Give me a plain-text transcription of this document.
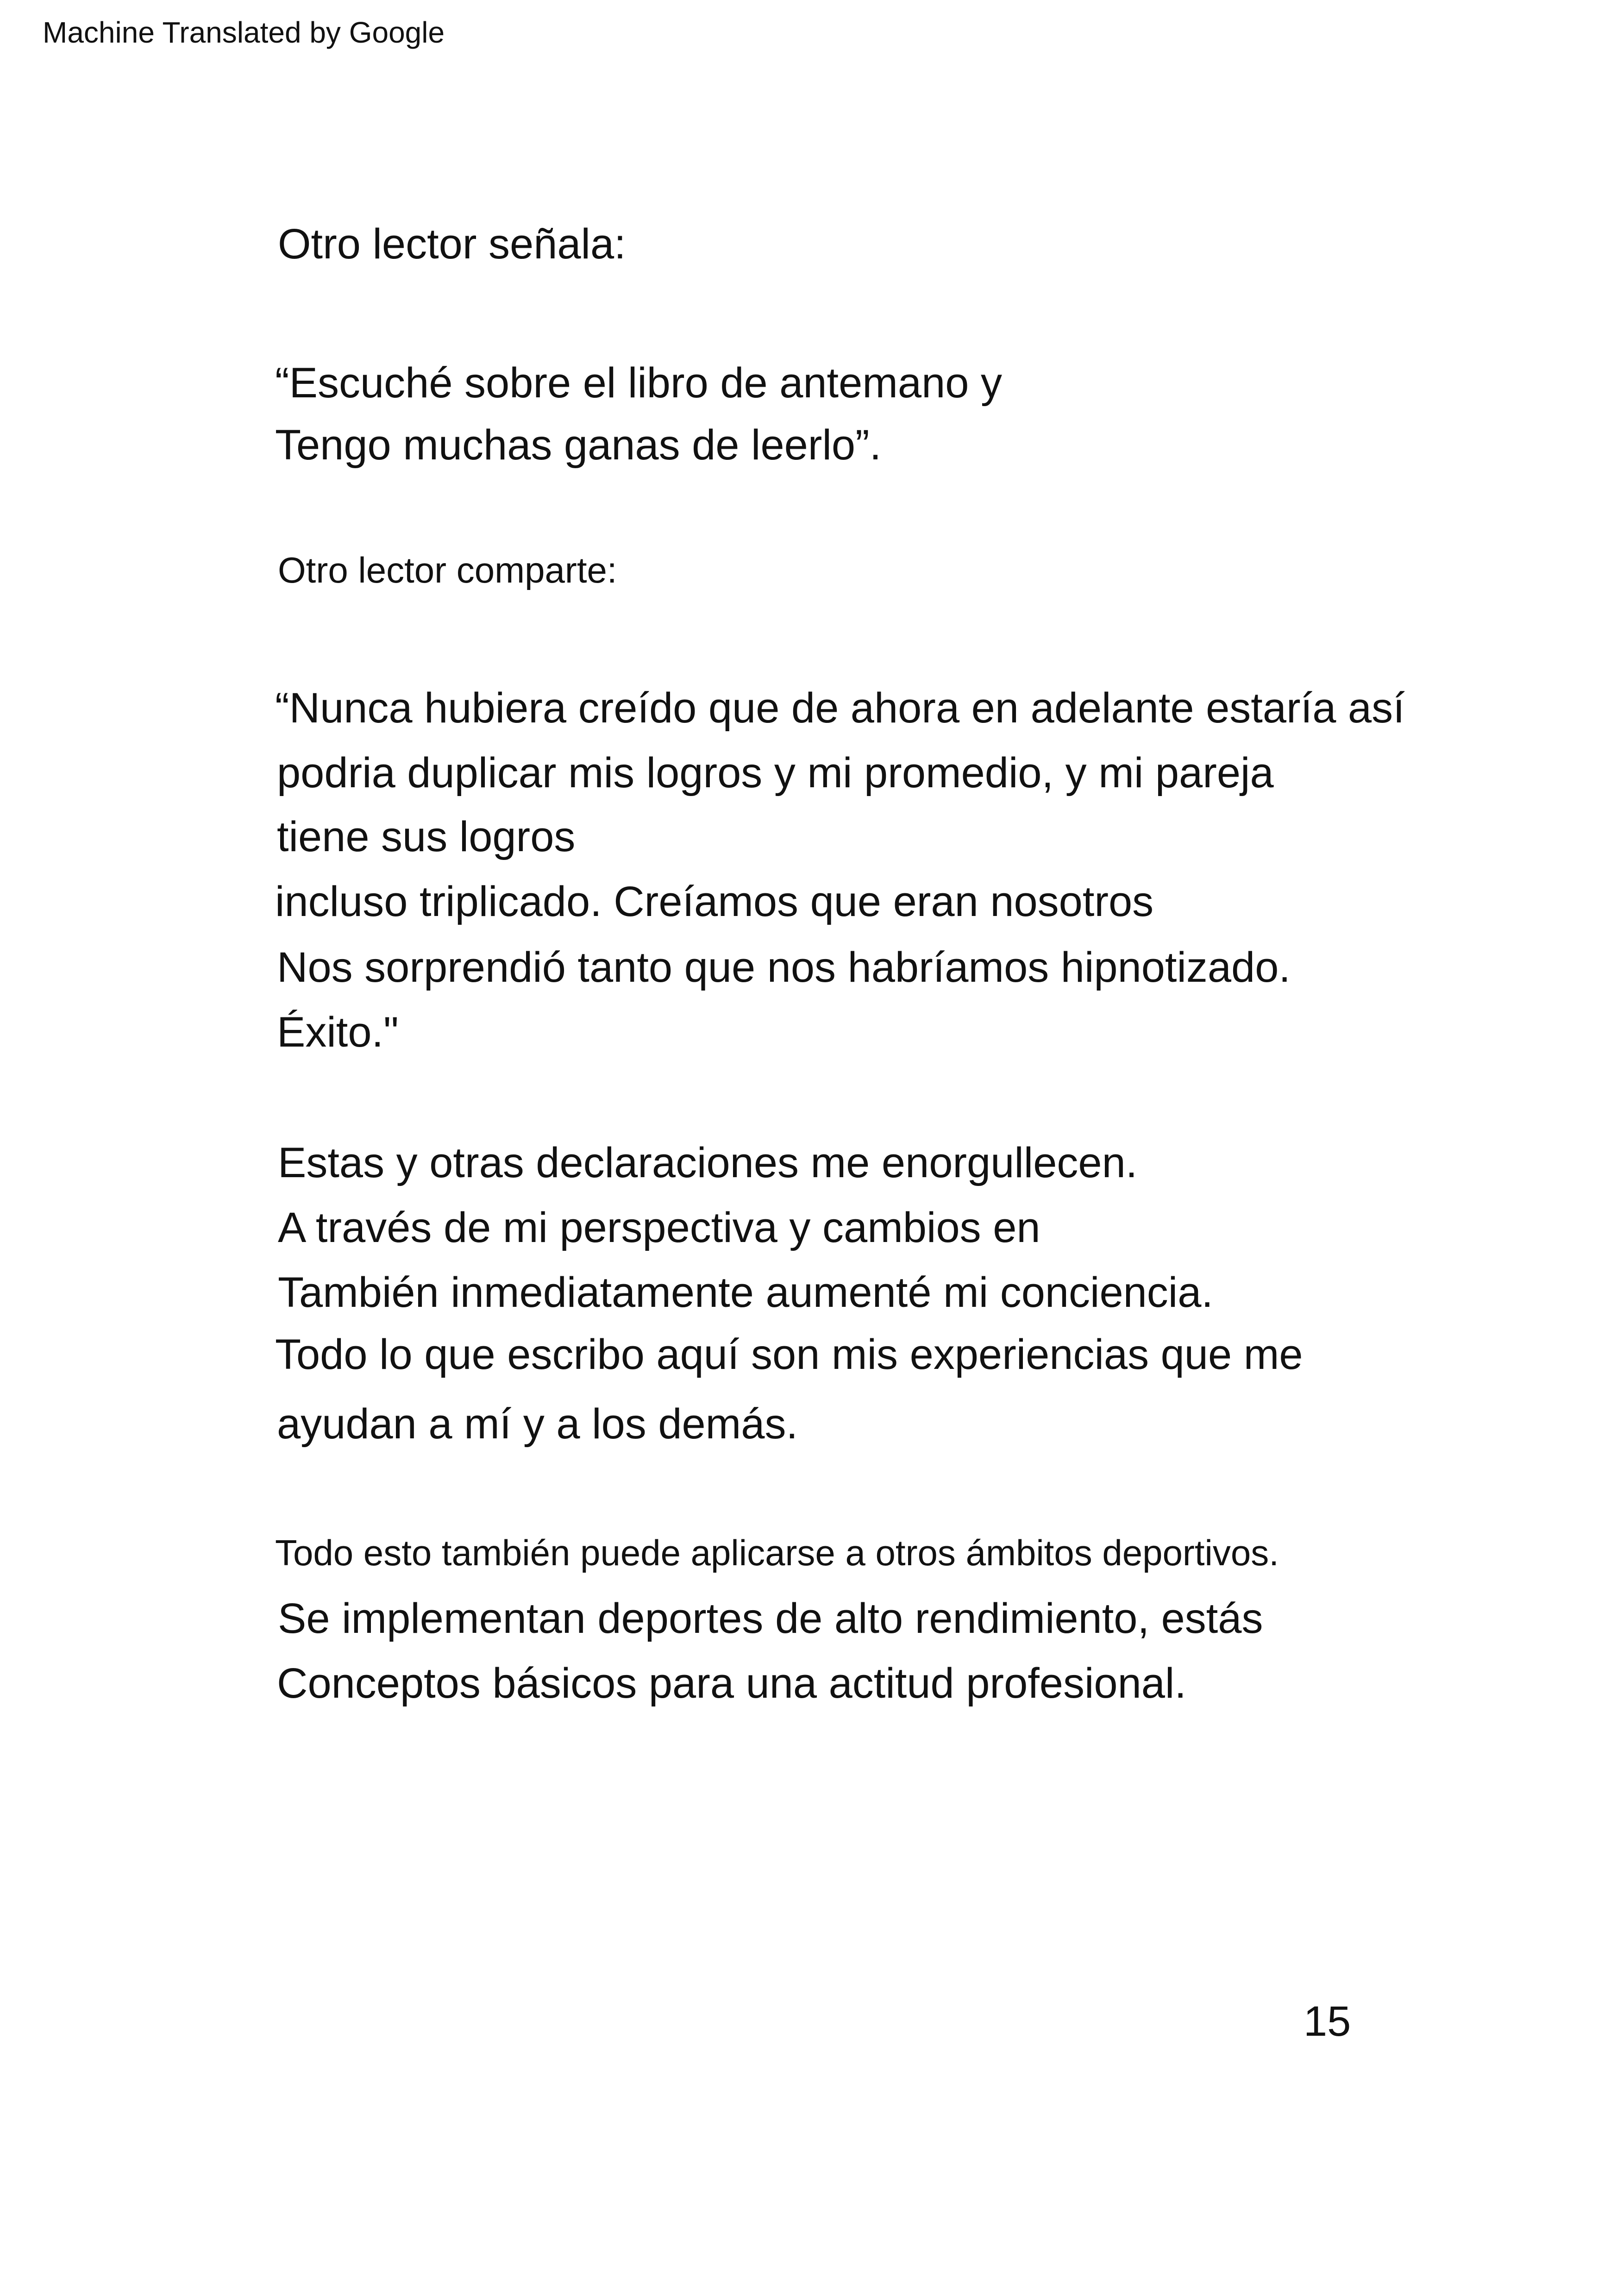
Machine Translated by Google
Otro lector señala:
“Escuché sobre el libro de antemano y
Tengo muchas ganas de leerlo”.
Otro lector comparte:
“Nunca hubiera creído que de ahora en adelante estaría así
podria duplicar mis logros y mi promedio, y mi pareja
tiene sus logros
incluso triplicado. Creíamos que eran nosotros
Nos sorprendió tanto que nos habríamos hipnotizado.
Éxito."
Estas y otras declaraciones me enorgullecen.
A través de mi perspectiva y cambios en
También inmediatamente aumenté mi conciencia.
Todo lo que escribo aquí son mis experiencias que me
ayudan a mí y a los demás.
Todo esto también puede aplicarse a otros ámbitos deportivos.
Se implementan deportes de alto rendimiento, estás
Conceptos básicos para una actitud profesional.
15
